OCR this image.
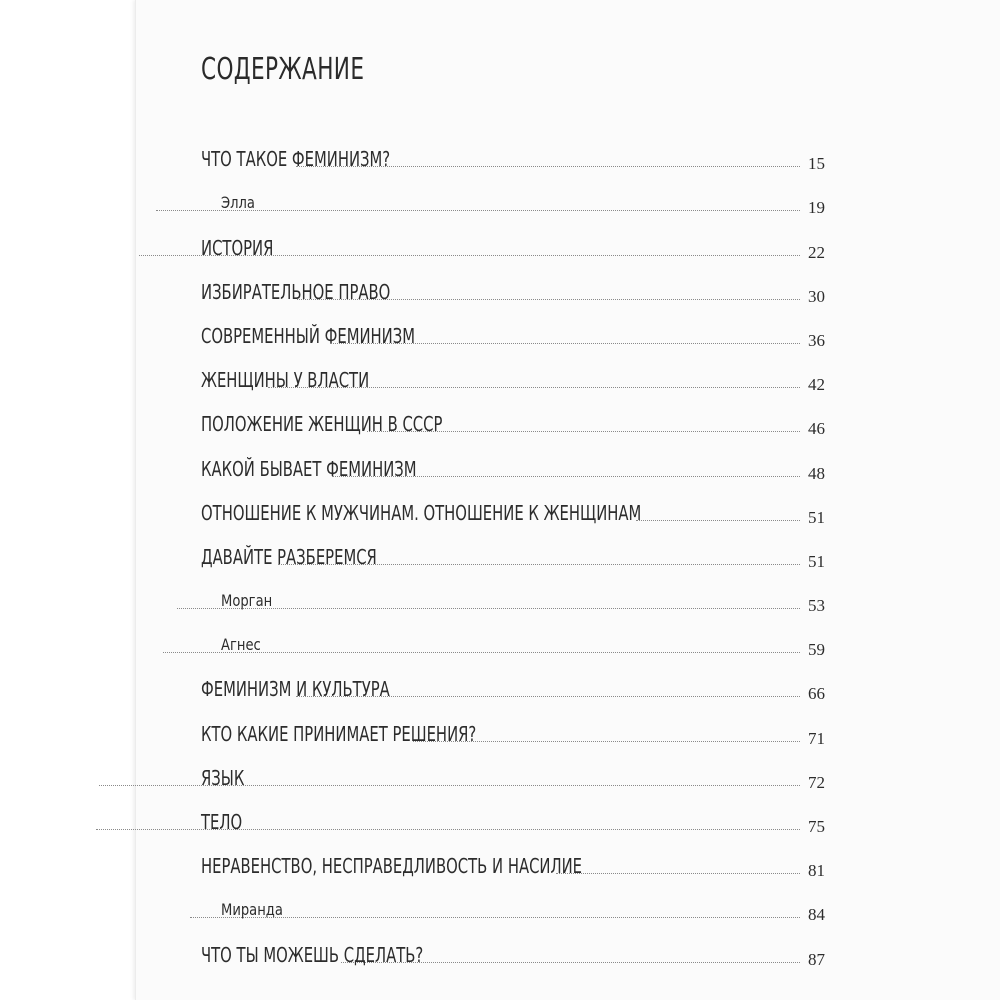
СОДЕРЖАНИЕ
ЧТО ТАКОЕ ФЕМИНИЗМ?	15
Элла	19
ИСТОРИЯ	22
ИЗБИРАТЕЛЬНОЕ ПРАВО	30
СОВРЕМЕННЫЙ ФЕМИНИЗМ	36
ЖЕНЩИНЫ У ВЛАСТИ	42
ПОЛОЖЕНИЕ ЖЕНЩИН В СССР	46
КАКОЙ БЫВАЕТ ФЕМИНИЗМ	48
ОТНОШЕНИЕ К МУЖЧИНАМ. ОТНОШЕНИЕ К ЖЕНЩИНАМ	51
ДАВАЙТЕ РАЗБЕРЕМСЯ	51
Морган	53
Агнес	59
ФЕМИНИЗМ И КУЛЬТУРА	66
КТО КАКИЕ ПРИНИМАЕТ РЕШЕНИЯ?	71
ЯЗЫК	72
ТЕЛО	75
НЕРАВЕНСТВО, НЕСПРАВЕДЛИВОСТЬ И НАСИЛИЕ	81
Миранда	84
ЧТО ТЫ МОЖЕШЬ СДЕЛАТЬ?	87
